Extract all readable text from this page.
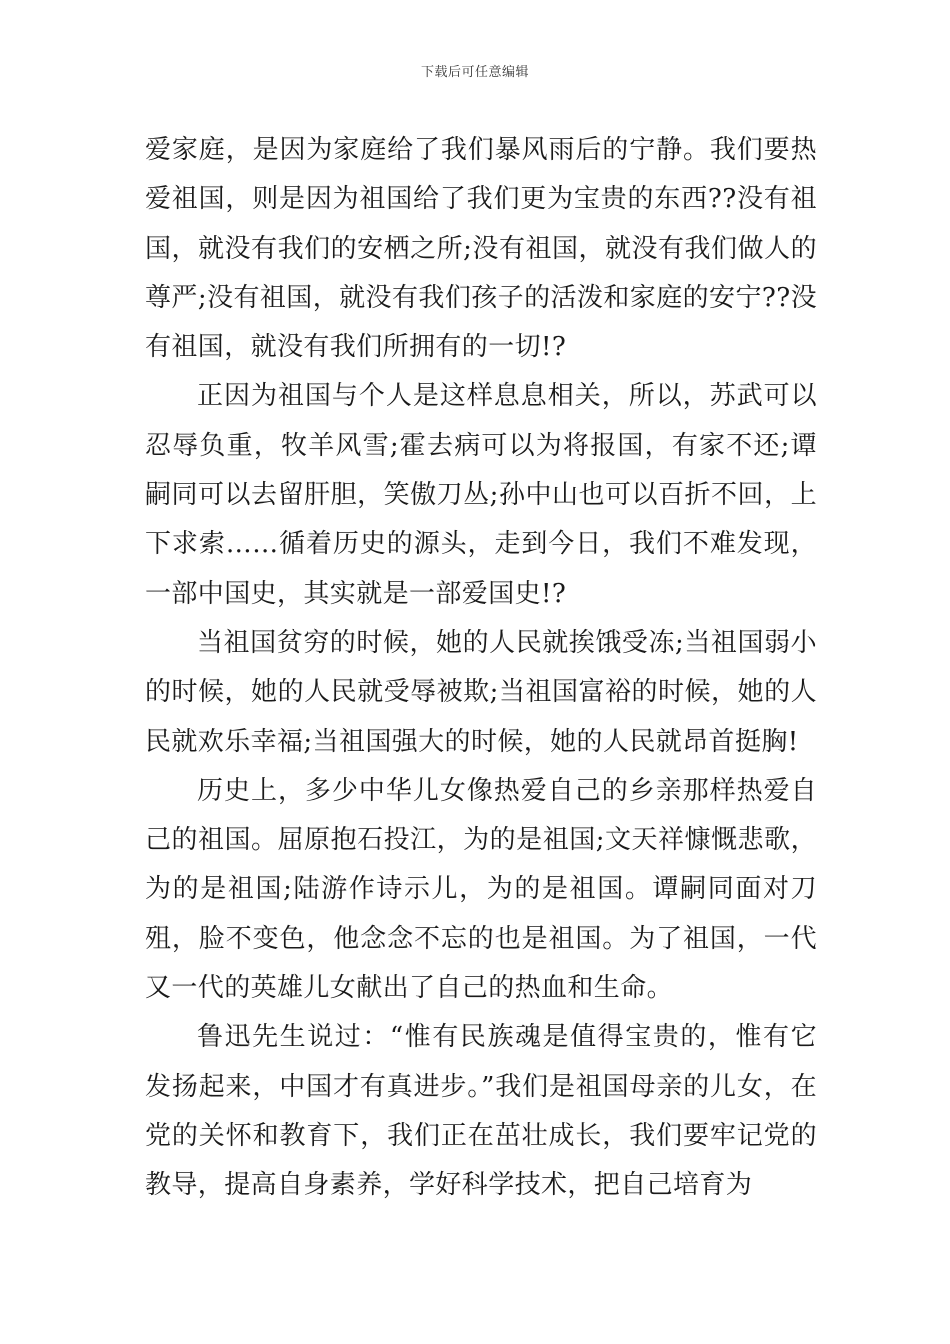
下载后可任意编辑

爱家庭，是因为家庭给了我们暴风雨后的宁静。我们要热爱祖国，则是因为祖国给了我们更为宝贵的东西??没有祖国，就没有我们的安栖之所;没有祖国，就没有我们做人的尊严;没有祖国，就没有我们孩子的活泼和家庭的安宁??没有祖国，就没有我们所拥有的一切!?

正因为祖国与个人是这样息息相关，所以，苏武可以忍辱负重，牧羊风雪;霍去病可以为将报国，有家不还;谭嗣同可以去留肝胆，笑傲刀丛;孙中山也可以百折不回，上下求索……循着历史的源头，走到今日，我们不难发现，一部中国史，其实就是一部爱国史!?

当祖国贫穷的时候，她的人民就挨饿受冻;当祖国弱小的时候，她的人民就受辱被欺;当祖国富裕的时候，她的人民就欢乐幸福;当祖国强大的时候，她的人民就昂首挺胸!

历史上，多少中华儿女像热爱自己的乡亲那样热爱自己的祖国。屈原抱石投江，为的是祖国;文天祥慷慨悲歌，为的是祖国;陆游作诗示儿，为的是祖国。谭嗣同面对刀殂，脸不变色，他念念不忘的也是祖国。为了祖国，一代又一代的英雄儿女献出了自己的热血和生命。

鲁迅先生说过：“惟有民族魂是值得宝贵的，惟有它发扬起来，中国才有真进步。”我们是祖国母亲的儿女，在党的关怀和教育下，我们正在茁壮成长，我们要牢记党的教导，提高自身素养，学好科学技术，把自己培育为
